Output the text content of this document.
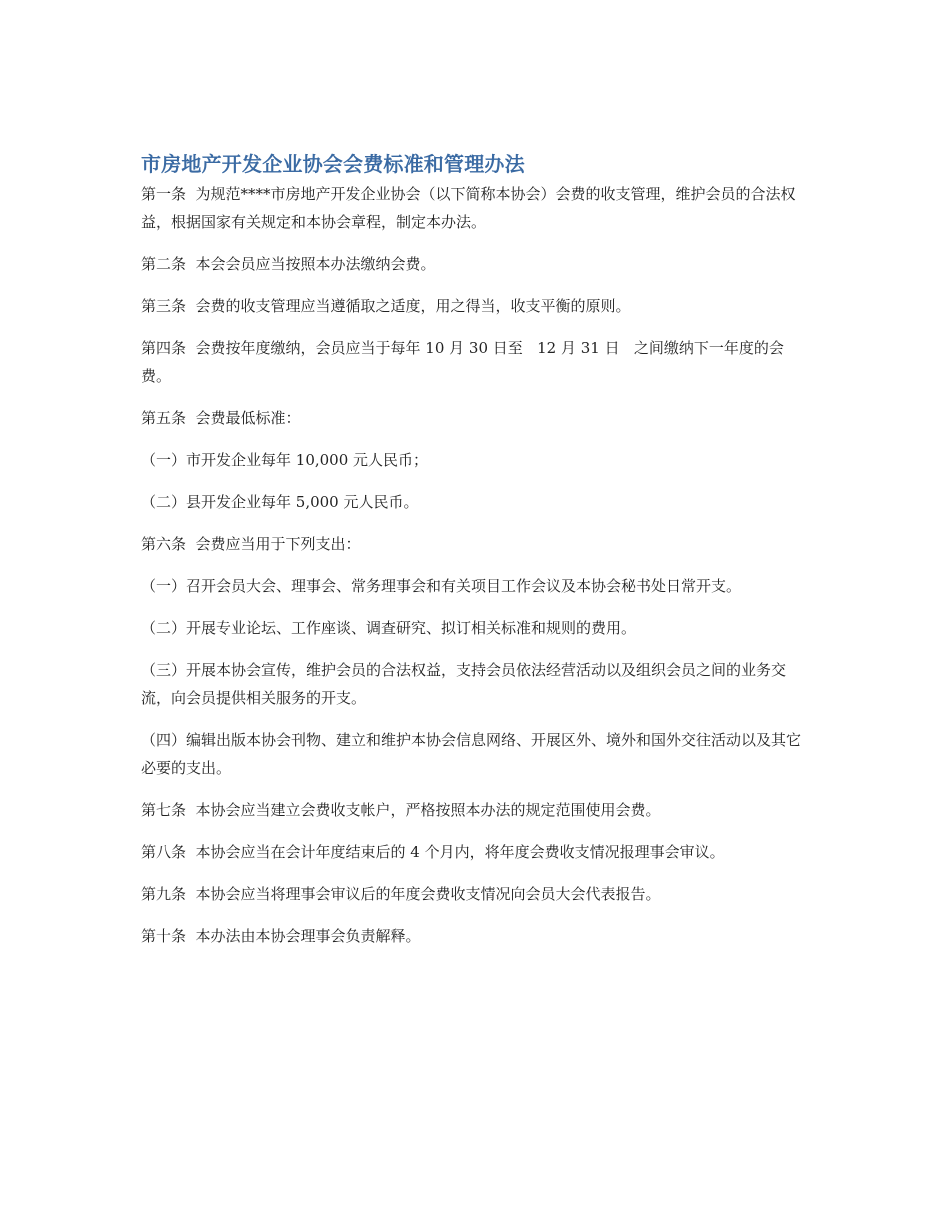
市房地产开发企业协会会费标准和管理办法

第一条  为规范****市房地产开发企业协会（以下简称本协会）会费的收支管理，维护会员的合法权益，根据国家有关规定和本协会章程，制定本办法。

第二条  本会会员应当按照本办法缴纳会费。

第三条  会费的收支管理应当遵循取之适度，用之得当，收支平衡的原则。

第四条  会费按年度缴纳，会员应当于每年 10 月 30 日至   12 月 31 日   之间缴纳下一年度的会费。

第五条  会费最低标准：

（一）市开发企业每年 10,000 元人民币；

（二）县开发企业每年 5,000 元人民币。

第六条  会费应当用于下列支出：

（一）召开会员大会、理事会、常务理事会和有关项目工作会议及本协会秘书处日常开支。

（二）开展专业论坛、工作座谈、调查研究、拟订相关标准和规则的费用。

（三）开展本协会宣传，维护会员的合法权益，支持会员依法经营活动以及组织会员之间的业务交流，向会员提供相关服务的开支。

（四）编辑出版本协会刊物、建立和维护本协会信息网络、开展区外、境外和国外交往活动以及其它必要的支出。

第七条  本协会应当建立会费收支帐户，严格按照本办法的规定范围使用会费。

第八条  本协会应当在会计年度结束后的 4 个月内，将年度会费收支情况报理事会审议。

第九条  本协会应当将理事会审议后的年度会费收支情况向会员大会代表报告。

第十条  本办法由本协会理事会负责解释。
